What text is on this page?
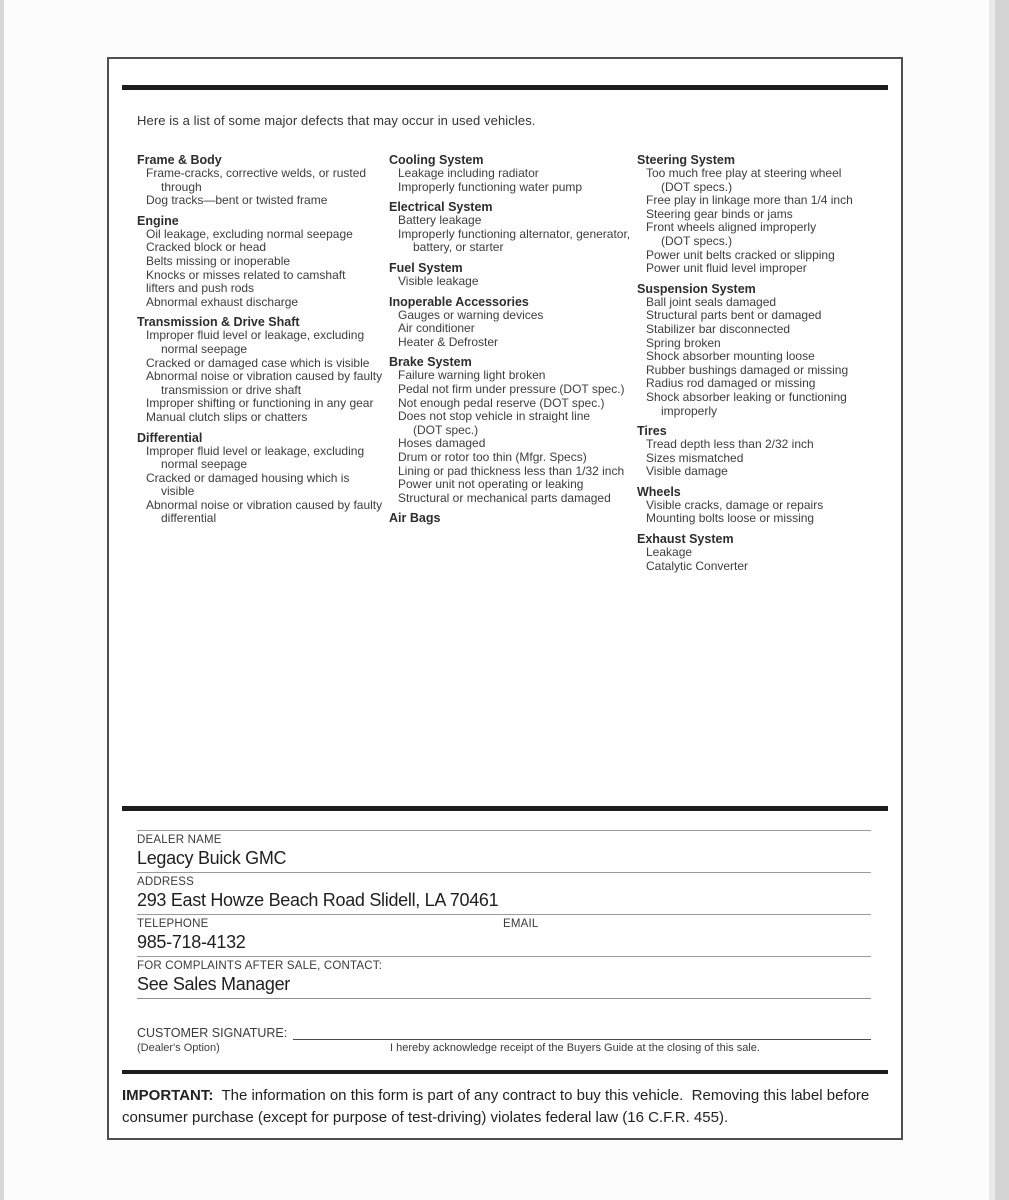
Here is a list of some major defects that may occur in used vehicles.

Frame & Body
Frame-cracks, corrective welds, or rusted
through
Dog tracks—bent or twisted frame
Engine
Oil leakage, excluding normal seepage
Cracked block or head
Belts missing or inoperable
Knocks or misses related to camshaft
lifters and push rods
Abnormal exhaust discharge
Transmission & Drive Shaft
Improper fluid level or leakage, excluding
normal seepage
Cracked or damaged case which is visible
Abnormal noise or vibration caused by faulty
transmission or drive shaft
Improper shifting or functioning in any gear
Manual clutch slips or chatters
Differential
Improper fluid level or leakage, excluding
normal seepage
Cracked or damaged housing which is
visible
Abnormal noise or vibration caused by faulty
differential
Cooling System
Leakage including radiator
Improperly functioning water pump
Electrical System
Battery leakage
Improperly functioning alternator, generator,
battery, or starter
Fuel System
Visible leakage
Inoperable Accessories
Gauges or warning devices
Air conditioner
Heater & Defroster
Brake System
Failure warning light broken
Pedal not firm under pressure (DOT spec.)
Not enough pedal reserve (DOT spec.)
Does not stop vehicle in straight line
(DOT spec.)
Hoses damaged
Drum or rotor too thin (Mfgr. Specs)
Lining or pad thickness less than 1/32 inch
Power unit not operating or leaking
Structural or mechanical parts damaged
Air Bags
Steering System
Too much free play at steering wheel
(DOT specs.)
Free play in linkage more than 1/4 inch
Steering gear binds or jams
Front wheels aligned improperly
(DOT specs.)
Power unit belts cracked or slipping
Power unit fluid level improper
Suspension System
Ball joint seals damaged
Structural parts bent or damaged
Stabilizer bar disconnected
Spring broken
Shock absorber mounting loose
Rubber bushings damaged or missing
Radius rod damaged or missing
Shock absorber leaking or functioning
improperly
Tires
Tread depth less than 2/32 inch
Sizes mismatched
Visible damage
Wheels
Visible cracks, damage or repairs
Mounting bolts loose or missing
Exhaust System
Leakage
Catalytic Converter
DEALER NAME
Legacy Buick GMC
ADDRESS
293 East Howze Beach Road Slidell, LA 70461
TELEPHONE
985-718-4132
EMAIL
FOR COMPLAINTS AFTER SALE, CONTACT:
See Sales Manager
CUSTOMER SIGNATURE:
(Dealer's Option)	I hereby acknowledge receipt of the Buyers Guide at the closing of this sale.

IMPORTANT:  The information on this form is part of any contract to buy this vehicle.  Removing this label before consumer purchase (except for purpose of test-driving) violates federal law (16 C.F.R. 455).
